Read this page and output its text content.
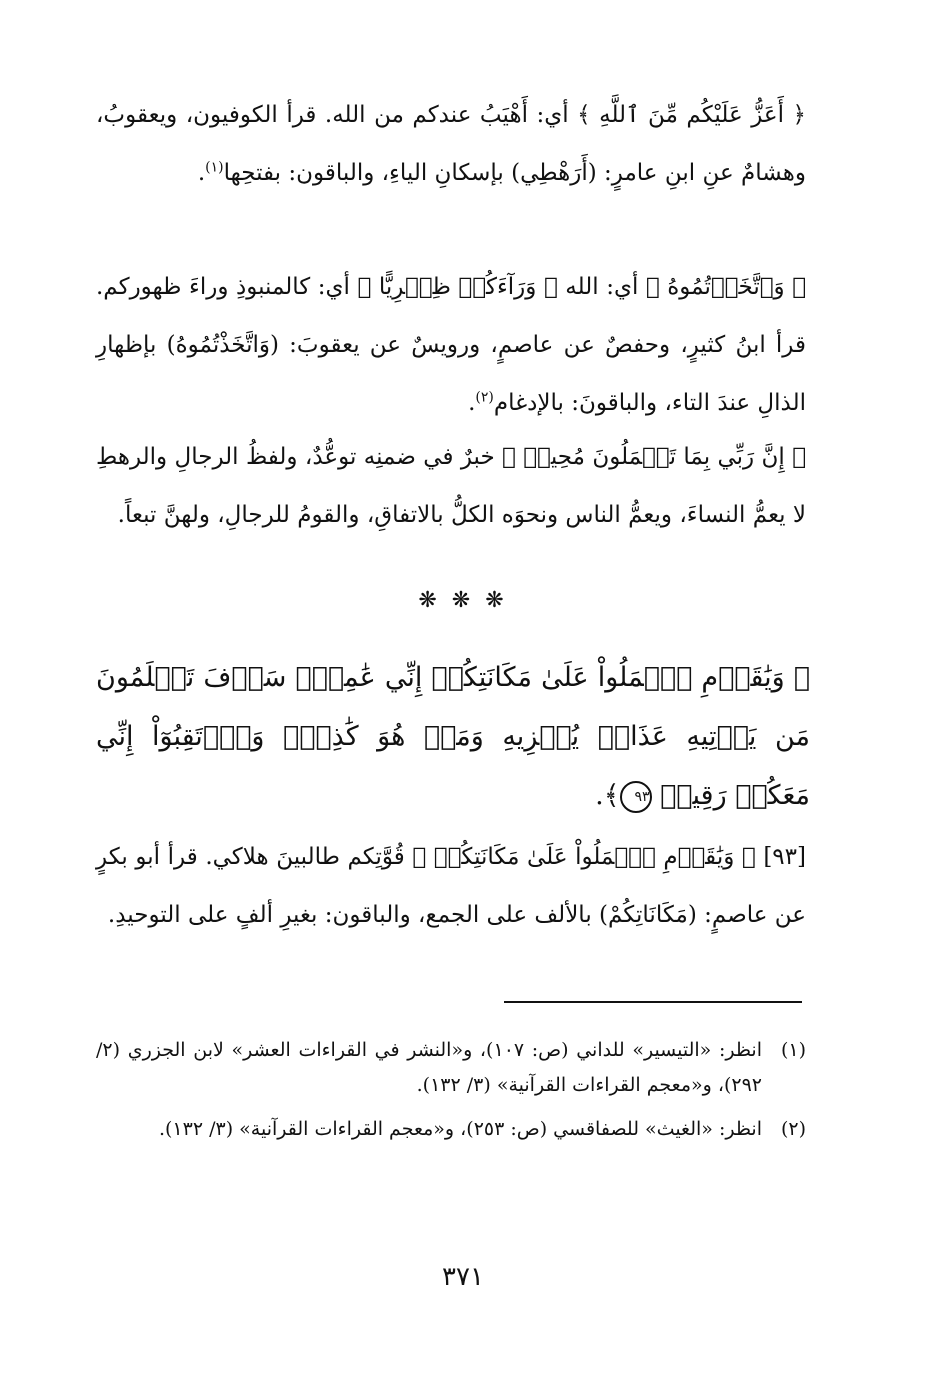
﴿ أَعَزُّ عَلَيْكُم مِّنَ ٱللَّهِ ﴾ أي: أَهْيَبُ عندكم من الله. قرأ الكوفيون، ويعقوبُ، وهشامٌ عنِ ابنِ عامرٍ: (أَرَهْطِي) بإسكانِ الياءِ، والباقون: بفتحِها$^{(١)}$.
﴿ وَٱتَّخَذۡتُمُوهُ ﴾ أي: الله ﴿ وَرَآءَكُمۡ ظِهۡرِيًّا ﴾ أي: كالمنبوذِ وراءَ ظهوركم. قرأ ابنُ كثيرٍ، وحفصٌ عن عاصمٍ، ورويسٌ عن يعقوبَ: (وَاتَّخَذْتُمُوهُ) بإظهارِ الذالِ عندَ التاء، والباقونَ: بالإدغام$^{(٢)}$.
﴿ إِنَّ رَبِّي بِمَا تَعۡمَلُونَ مُحِيطٞ ﴾ خبرٌ في ضمنِه توعُّدٌ، ولفظُ الرجالِ والرهطِ لا يعمُّ النساءَ، ويعمُّ الناس ونحوَه الكلُّ بالاتفاقِ، والقومُ للرجالِ، ولهنَّ تبعاً.
❋ ❋ ❋
﴿ وَيَٰقَوۡمِ ٱعۡمَلُواْ عَلَىٰ مَكَانَتِكُمۡ إِنِّي عَٰمِلٞۖ سَوۡفَ تَعۡلَمُونَ مَن يَأۡتِيهِ عَذَابٞ يُخۡزِيهِ وَمَنۡ هُوَ كَٰذِبٞۖ وَٱرۡتَقِبُوٓاْ إِنِّي مَعَكُمۡ رَقِيبٞ ٩٣﴾.
[٩٣] ﴿ وَيَٰقَوۡمِ ٱعۡمَلُواْ عَلَىٰ مَكَانَتِكُمۡ ﴾ قُوَّتِكم طالبينَ هلاكي. قرأ أبو بكرٍ عن عاصمٍ: (مَكَانَاتِكُمْ) بالألف على الجمع، والباقون: بغيرِ ألفٍ على التوحيدِ.
(١)
انظر: «التيسير» للداني (ص: ١٠٧)، و«النشر في القراءات العشر» لابن الجزري (٢/ ٢٩٢)، و«معجم القراءات القرآنية» (٣/ ١٣٢).
(٢)
انظر: «الغيث» للصفاقسي (ص: ٢٥٣)، و«معجم القراءات القرآنية» (٣/ ١٣٢).
٣٧١
